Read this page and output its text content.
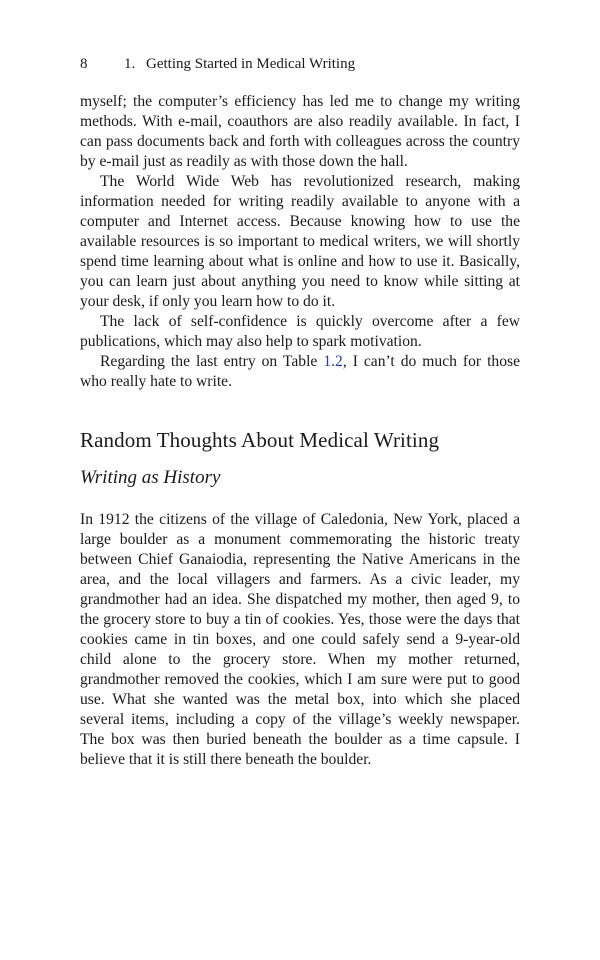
8 1. Getting Started in Medical Writing

myself; the computer’s efficiency has led me to change my writing methods. With e-mail, coauthors are also readily available. In fact, I can pass documents back and forth with colleagues across the country by e-mail just as readily as with those down the hall.

The World Wide Web has revolutionized research, making information needed for writing readily available to anyone with a computer and Internet access. Because knowing how to use the available resources is so important to medical writers, we will shortly spend time learning about what is online and how to use it. Basically, you can learn just about anything you need to know while sitting at your desk, if only you learn how to do it.

The lack of self-confidence is quickly overcome after a few publications, which may also help to spark motivation.

Regarding the last entry on Table 1.2, I can’t do much for those who really hate to write.

Random Thoughts About Medical Writing
Writing as History

In 1912 the citizens of the village of Caledonia, New York, placed a large boulder as a monument commemorating the historic treaty between Chief Ganaiodia, representing the Native Americans in the area, and the local villagers and farmers. As a civic leader, my grandmother had an idea. She dispatched my mother, then aged 9, to the grocery store to buy a tin of cookies. Yes, those were the days that cookies came in tin boxes, and one could safely send a 9-year-old child alone to the grocery store. When my mother returned, grandmother removed the cookies, which I am sure were put to good use. What she wanted was the metal box, into which she placed several items, including a copy of the village’s weekly newspaper. The box was then buried beneath the boulder as a time capsule. I believe that it is still there beneath the boulder.
